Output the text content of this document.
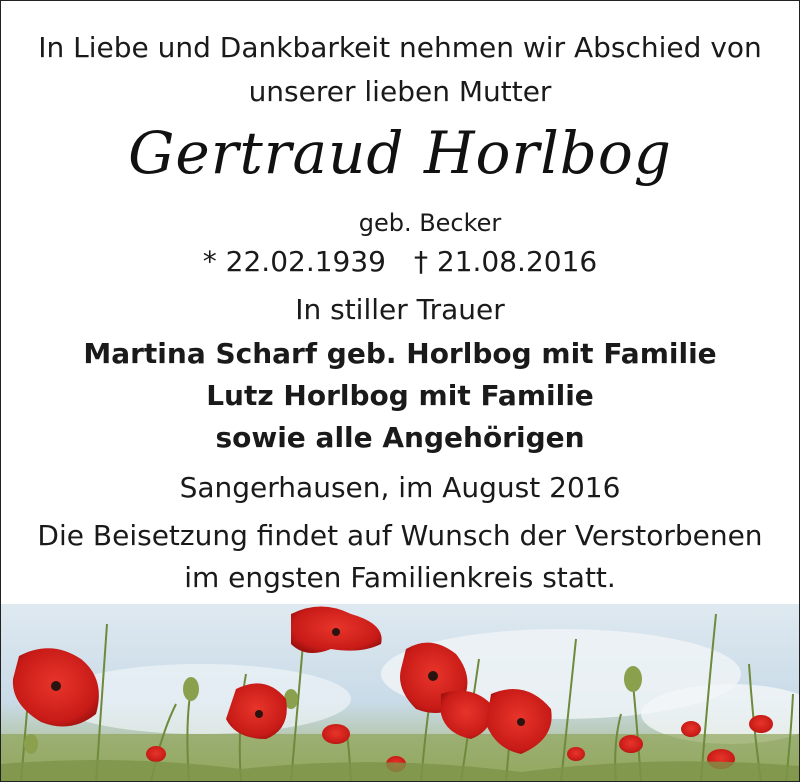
In Liebe und Dankbarkeit nehmen wir Abschied von
unserer lieben Mutter
Gertraud Horlbog
geb. Becker
* 22.02.1939 † 21.08.2016
In stiller Trauer
Martina Scharf geb. Horlbog mit Familie
Lutz Horlbog mit Familie
sowie alle Angehörigen
Sangerhausen, im August 2016
Die Beisetzung findet auf Wunsch der Verstorbenen
im engsten Familienkreis statt.
